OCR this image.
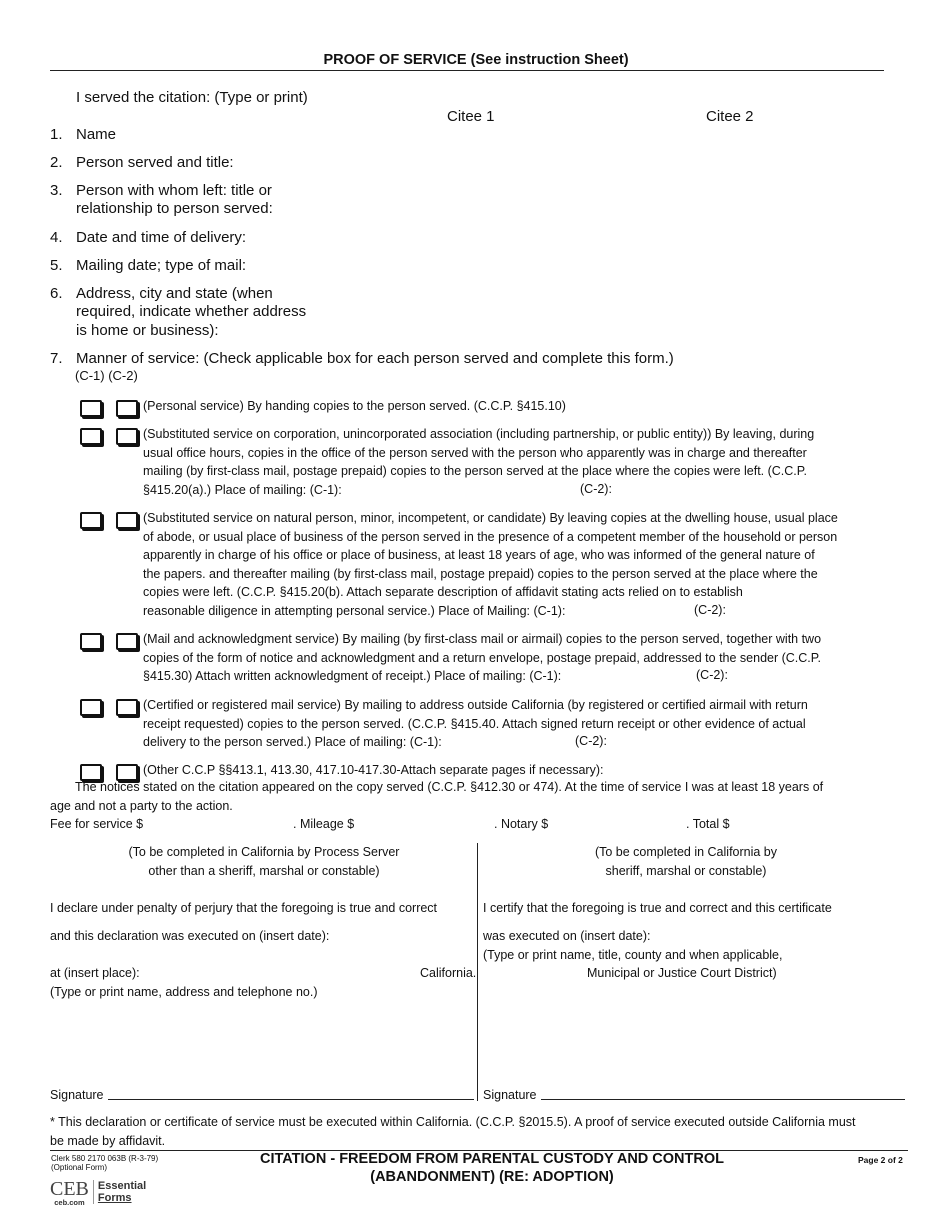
PROOF OF SERVICE (See instruction Sheet)
I served the citation: (Type or print)
Citee 1	Citee 2
1. Name
2. Person served and title:
3. Person with whom left: title or
relationship to person served:
4. Date and time of delivery:
5. Mailing date; type of mail:
6. Address, city and state (when
required, indicate whether address
is home or business):
7. Manner of service: (Check applicable box for each person served and complete this form.)
(C-1) (C-2)
(Personal service) By handing copies to the person served. (C.C.P. §415.10)
(Substituted service on corporation, unincorporated association (including partnership, or public entity)) By leaving, during
usual office hours, copies in the office of the person served with the person who apparently was in charge and thereafter
mailing (by first-class mail, postage prepaid) copies to the person served at the place where the copies were left. (C.C.P.
§415.20(a).) Place of mailing: (C-1):	(C-2):
(Substituted service on natural person, minor, incompetent, or candidate) By leaving copies at the dwelling house, usual place
of abode, or usual place of business of the person served in the presence of a competent member of the household or person
apparently in charge of his office or place of business, at least 18 years of age, who was informed of the general nature of
the papers. and thereafter mailing (by first-class mail, postage prepaid) copies to the person served at the place where the
copies were left. (C.C.P. §415.20(b). Attach separate description of affidavit stating acts relied on to establish
reasonable diligence in attempting personal service.) Place of Mailing: (C-1):	(C-2):
(Mail and acknowledgment service) By mailing (by first-class mail or airmail) copies to the person served, together with two
copies of the form of notice and acknowledgment and a return envelope, postage prepaid, addressed to the sender (C.C.P.
§415.30) Attach written acknowledgment of receipt.) Place of mailing: (C-1):	(C-2):
(Certified or registered mail service) By mailing to address outside California (by registered or certified airmail with return
receipt requested) copies to the person served. (C.C.P. §415.40. Attach signed return receipt or other evidence of actual
delivery to the person served.) Place of mailing: (C-1):	(C-2):
(Other C.C.P §§413.1, 413.30, 417.10-417.30-Attach separate pages if necessary):
The notices stated on the citation appeared on the copy served (C.C.P. §412.30 or 474). At the time of service I was at least 18 years of
age and not a party to the action.
Fee for service $	. Mileage $	. Notary $	. Total $
(To be completed in California by Process Server
other than a sheriff, marshal or constable)
(To be completed in California by
sheriff, marshal or constable)
I declare under penalty of perjury that the foregoing is true and correct
and this declaration was executed on (insert date):
at (insert place):	California.
(Type or print name, address and telephone no.)
I certify that the foregoing is true and correct and this certificate
was executed on (insert date):
(Type or print name, title, county and when applicable,
Municipal or Justice Court District)
Signature	Signature
* This declaration or certificate of service must be executed within California. (C.C.P. §2015.5). A proof of service executed outside California must
be made by affidavit.
Clerk 580 2170 063B (R-3-79)
(Optional Form)
CITATION - FREEDOM FROM PARENTAL CUSTODY AND CONTROL
(ABANDONMENT) (RE: ADOPTION)
Page 2 of 2
CEB
ceb.com
Essential
Forms
